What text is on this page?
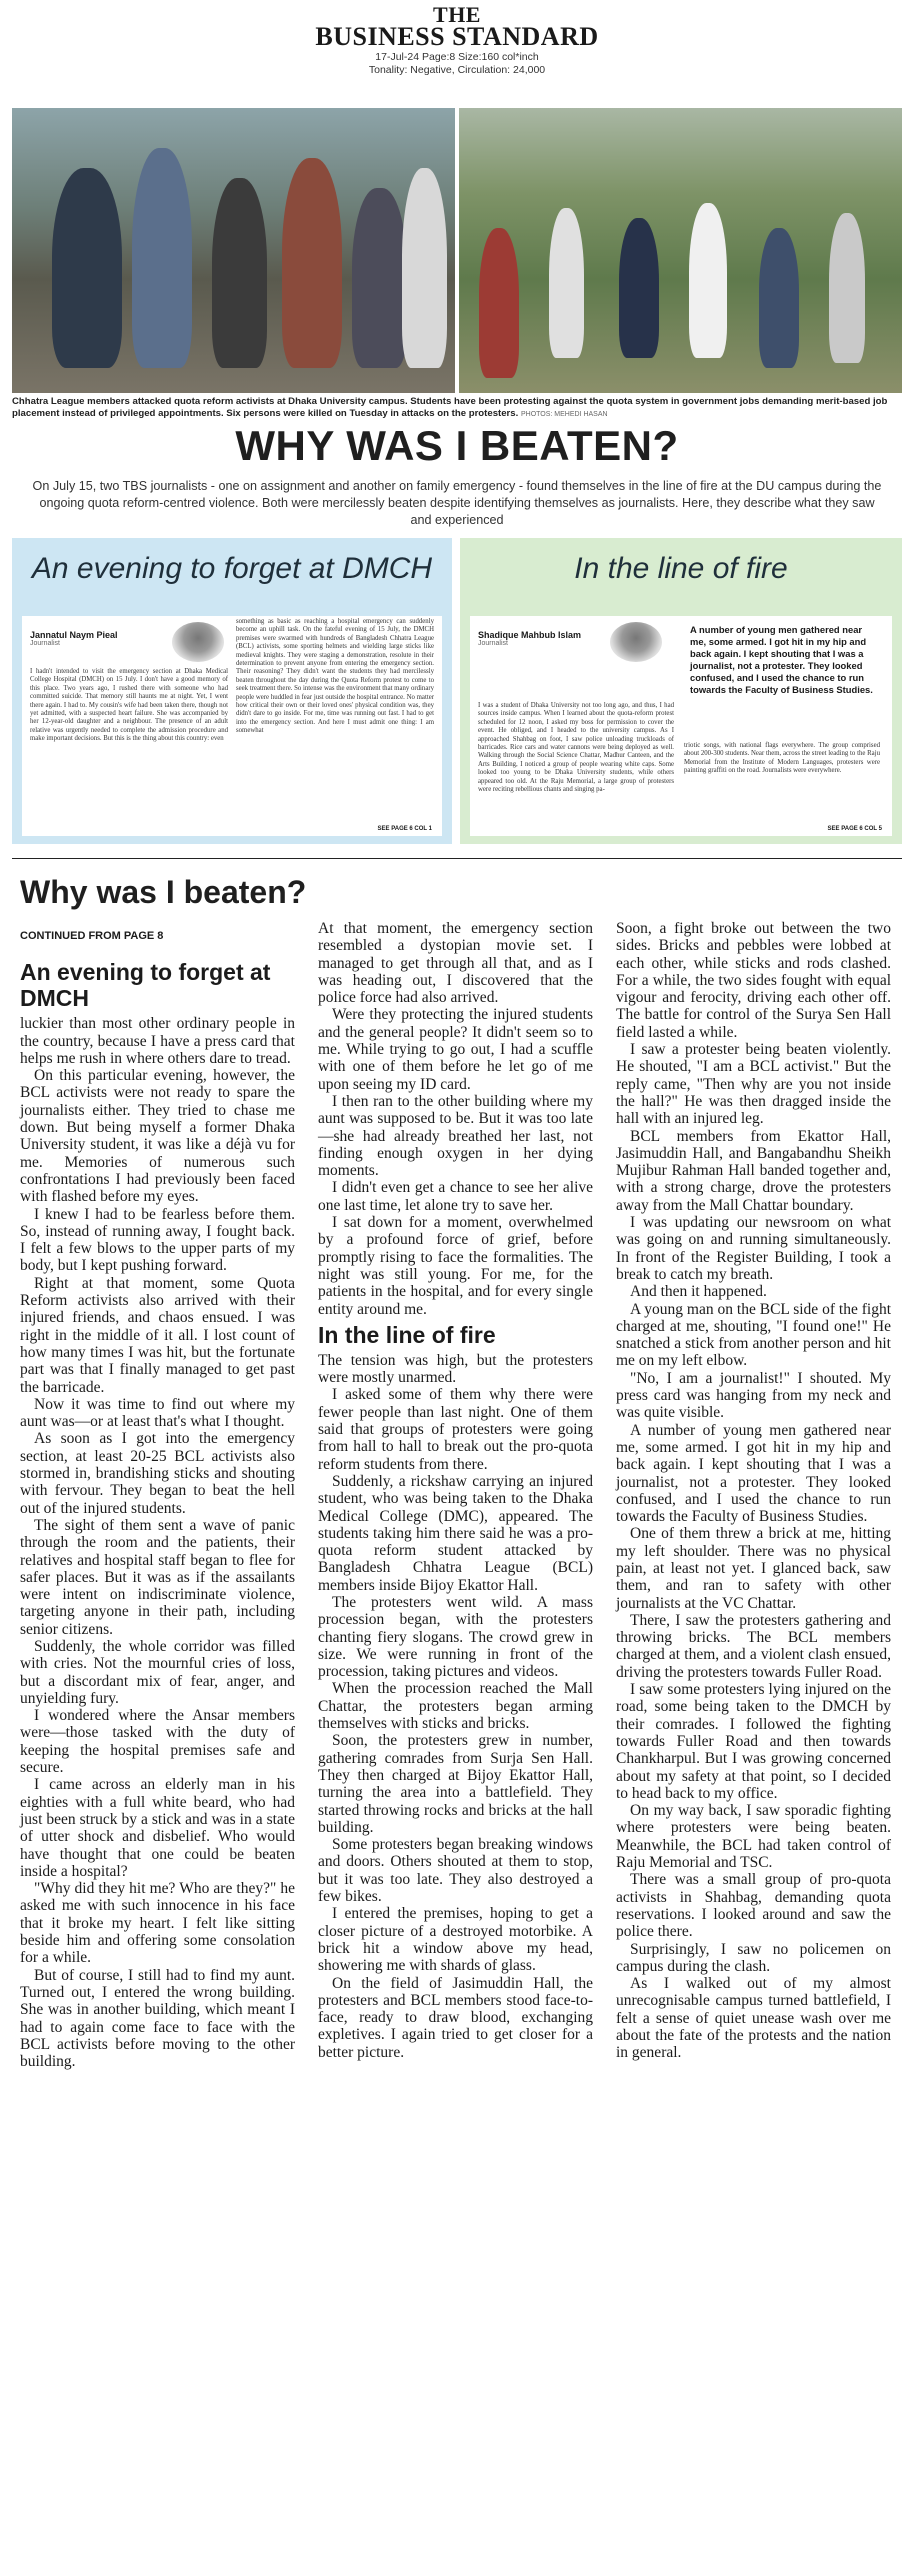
THE
BUSINESS STANDARD
17-Jul-24 Page:8 Size:160 col*inch
Tonality: Negative, Circulation: 24,000
Chhatra League members attacked quota reform activists at Dhaka University campus. Students have been protesting against the quota system in government jobs demanding merit-based job placement instead of privileged appointments. Six persons were killed on Tuesday in attacks on the protesters. PHOTOS: MEHEDI HASAN
WHY WAS I BEATEN?
On July 15, two TBS journalists - one on assignment and another on family emergency - found themselves in the line of fire at the DU campus during the ongoing quota reform-centred violence. Both were mercilessly beaten despite identifying themselves as journalists. Here, they describe what they saw and experienced
An evening to forget at DMCH
Jannatul Naym Pieal
Journalist
I hadn't intended to visit the emergency section at Dhaka Medical College Hospital (DMCH) on 15 July. I don't have a good memory of this place. Two years ago, I rushed there with someone who had committed suicide. That memory still haunts me at night. Yet, I went there again. I had to. My cousin's wife had been taken there, though not yet admitted, with a suspected heart failure. She was accompanied by her 12-year-old daughter and a neighbour. The presence of an adult relative was urgently needed to complete the admission procedure and make important decisions. But this is the thing about this country: even
something as basic as reaching a hospital emergency can suddenly become an uphill task. On the fateful evening of 15 July, the DMCH premises were swarmed with hundreds of Bangladesh Chhatra League (BCL) activists, some sporting helmets and wielding large sticks like medieval knights. They were staging a demonstration, resolute in their determination to prevent anyone from entering the emergency section. Their reasoning? They didn't want the students they had mercilessly beaten throughout the day during the Quota Reform protest to come to seek treatment there. So intense was the environment that many ordinary people were huddled in fear just outside the hospital entrance. No matter how critical their own or their loved ones' physical condition was, they didn't dare to go inside. For me, time was running out fast. I had to get into the emergency section. And here I must admit one thing: I am somewhat
SEE PAGE 6 COL 1
In the line of fire
Shadique Mahbub Islam
Journalist
A number of young men gathered near me, some armed. I got hit in my hip and back again. I kept shouting that I was a journalist, not a protester. They looked confused, and I used the chance to run towards the Faculty of Business Studies.
I was a student of Dhaka University not too long ago, and thus, I had sources inside campus. When I learned about the quota-reform protest scheduled for 12 noon, I asked my boss for permission to cover the event. He obliged, and I headed to the university campus. As I approached Shahbag on foot, I saw police unloading truckloads of barricades. Rice cars and water cannons were being deployed as well. Walking through the Social Science Chattar, Madhur Canteen, and the Arts Building, I noticed a group of people wearing white caps. Some looked too young to be Dhaka University students, while others appeared too old. At the Raju Memorial, a large group of protesters were reciting rebellious chants and singing pa-
triotic songs, with national flags everywhere. The group comprised about 200-300 students. Near them, across the street leading to the Raju Memorial from the Institute of Modern Languages, protesters were painting graffiti on the road. Journalists were everywhere.
SEE PAGE 6 COL 5
Why was I beaten?
CONTINUED FROM PAGE 8
An evening to forget at DMCH

luckier than most other ordinary people in the country, because I have a press card that helps me rush in where others dare to tread.

On this particular evening, however, the BCL activists were not ready to spare the journalists either. They tried to chase me down. But being myself a former Dhaka University student, it was like a déjà vu for me. Memories of numerous such confrontations I had previously been faced with flashed before my eyes.

I knew I had to be fearless before them. So, instead of running away, I fought back. I felt a few blows to the upper parts of my body, but I kept pushing forward.

Right at that moment, some Quota Reform activists also arrived with their injured friends, and chaos ensued. I was right in the middle of it all. I lost count of how many times I was hit, but the fortunate part was that I finally managed to get past the barricade.

Now it was time to find out where my aunt was—or at least that's what I thought.

As soon as I got into the emergency section, at least 20-25 BCL activists also stormed in, brandishing sticks and shouting with fervour. They began to beat the hell out of the injured students.

The sight of them sent a wave of panic through the room and the patients, their relatives and hospital staff began to flee for safer places. But it was as if the assailants were intent on indiscriminate violence, targeting anyone in their path, including senior citizens.

Suddenly, the whole corridor was filled with cries. Not the mournful cries of loss, but a discordant mix of fear, anger, and unyielding fury.

I wondered where the Ansar members were—those tasked with the duty of keeping the hospital premises safe and secure.

I came across an elderly man in his eighties with a full white beard, who had just been struck by a stick and was in a state of utter shock and disbelief. Who would have thought that one could be beaten inside a hospital?

"Why did they hit me? Who are they?" he asked me with such innocence in his face that it broke my heart. I felt like sitting beside him and offering some consolation for a while.

But of course, I still had to find my aunt. Turned out, I entered the wrong building. She was in another building, which meant I had to again come face to face with the BCL activists before moving to the other building.

At that moment, the emergency section resembled a dystopian movie set. I managed to get through all that, and as I was heading out, I discovered that the police force had also arrived.

Were they protecting the injured students and the general people? It didn't seem so to me. While trying to go out, I had a scuffle with one of them before he let go of me upon seeing my ID card.

I then ran to the other building where my aunt was supposed to be. But it was too late—she had already breathed her last, not finding enough oxygen in her dying moments.

I didn't even get a chance to see her alive one last time, let alone try to save her.

I sat down for a moment, overwhelmed by a profound force of grief, before promptly rising to face the formalities. The night was still young. For me, for the patients in the hospital, and for every single entity around me.

In the line of fire

The tension was high, but the protesters were mostly unarmed.

I asked some of them why there were fewer people than last night. One of them said that groups of protesters were going from hall to hall to break out the pro-quota reform students from there.

Suddenly, a rickshaw carrying an injured student, who was being taken to the Dhaka Medical College (DMC), appeared. The students taking him there said he was a pro-quota reform student attacked by Bangladesh Chhatra League (BCL) members inside Bijoy Ekattor Hall.

The protesters went wild. A mass procession began, with the protesters chanting fiery slogans. The crowd grew in size. We were running in front of the procession, taking pictures and videos.

When the procession reached the Mall Chattar, the protesters began arming themselves with sticks and bricks.

Soon, the protesters grew in number, gathering comrades from Surja Sen Hall. They then charged at Bijoy Ekattor Hall, turning the area into a battlefield. They started throwing rocks and bricks at the hall building.

Some protesters began breaking windows and doors. Others shouted at them to stop, but it was too late. They also destroyed a few bikes.

I entered the premises, hoping to get a closer picture of a destroyed motorbike. A brick hit a window above my head, showering me with shards of glass.

On the field of Jasimuddin Hall, the protesters and BCL members stood face-to-face, ready to draw blood, exchanging expletives. I again tried to get closer for a better picture.

Soon, a fight broke out between the two sides. Bricks and pebbles were lobbed at each other, while sticks and rods clashed. For a while, the two sides fought with equal vigour and ferocity, driving each other off. The battle for control of the Surya Sen Hall field lasted a while.

I saw a protester being beaten violently. He shouted, "I am a BCL activist." But the reply came, "Then why are you not inside the hall?" He was then dragged inside the hall with an injured leg.

BCL members from Ekattor Hall, Jasimuddin Hall, and Bangabandhu Sheikh Mujibur Rahman Hall banded together and, with a strong charge, drove the protesters away from the Mall Chattar boundary.

I was updating our newsroom on what was going on and running simultaneously. In front of the Register Building, I took a break to catch my breath.

And then it happened.

A young man on the BCL side of the fight charged at me, shouting, "I found one!" He snatched a stick from another person and hit me on my left elbow.

"No, I am a journalist!" I shouted. My press card was hanging from my neck and was quite visible.

A number of young men gathered near me, some armed. I got hit in my hip and back again. I kept shouting that I was a journalist, not a protester. They looked confused, and I used the chance to run towards the Faculty of Business Studies.

One of them threw a brick at me, hitting my left shoulder. There was no physical pain, at least not yet. I glanced back, saw them, and ran to safety with other journalists at the VC Chattar.

There, I saw the protesters gathering and throwing bricks. The BCL members charged at them, and a violent clash ensued, driving the protesters towards Fuller Road.

I saw some protesters lying injured on the road, some being taken to the DMCH by their comrades. I followed the fighting towards Fuller Road and then towards Chankharpul. But I was growing concerned about my safety at that point, so I decided to head back to my office.

On my way back, I saw sporadic fighting where protesters were being beaten. Meanwhile, the BCL had taken control of Raju Memorial and TSC.

There was a small group of pro-quota activists in Shahbag, demanding quota reservations. I looked around and saw the police there.

Surprisingly, I saw no policemen on campus during the clash.

As I walked out of my almost unrecognisable campus turned battlefield, I felt a sense of quiet unease wash over me about the fate of the protests and the nation in general.
